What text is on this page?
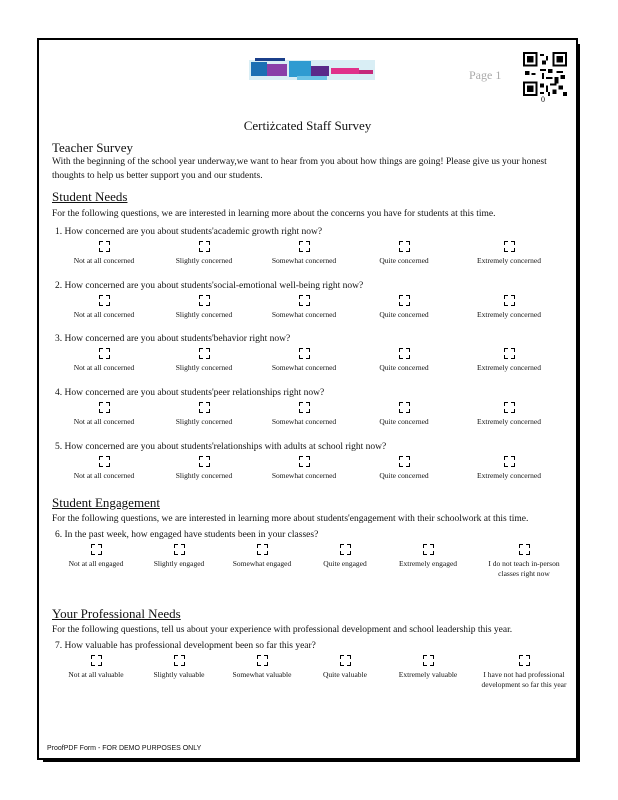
Page 1
0
Certiżcated Staff Survey
Teacher Survey
With the beginning of the school year underway,we want to hear from you about how things are going! Please give us your honest thoughts to help us better support you and our students.
Student Needs
For the following questions, we are interested in learning more about the concerns you have for students at this time.
1. How concerned are you about students'academic growth right now?
Not at all concerned	Slightly concerned	Somewhat concerned	Quite concerned	Extremely concerned
2. How concerned are you about students'social-emotional well-being right now?
Not at all concerned	Slightly concerned	Somewhat concerned	Quite concerned	Extremely concerned
3. How concerned are you about students'behavior right now?
Not at all concerned	Slightly concerned	Somewhat concerned	Quite concerned	Extremely concerned
4. How concerned are you about students'peer relationships right now?
Not at all concerned	Slightly concerned	Somewhat concerned	Quite concerned	Extremely concerned
5. How concerned are you about students'relationships with adults at school right now?
Not at all concerned	Slightly concerned	Somewhat concerned	Quite concerned	Extremely concerned
Student Engagement
For the following questions, we are interested in learning more about students'engagement with their schoolwork at this time.
6. In the past week, how engaged have students been in your classes?
Not at all engaged	Slightly engaged	Somewhat engaged	Quite engaged	Extremely engaged	I do not teach in-person classes right now
Your Professional Needs
For the following questions, tell us about your experience with professional development and school leadership this year.
7. How valuable has professional development been so far this year?
Not at all valuable	Slightly valuable	Somewhat valuable	Quite valuable	Extremely valuable	I have not had professional development so far this year
ProofPDF Form - FOR DEMO PURPOSES ONLY
